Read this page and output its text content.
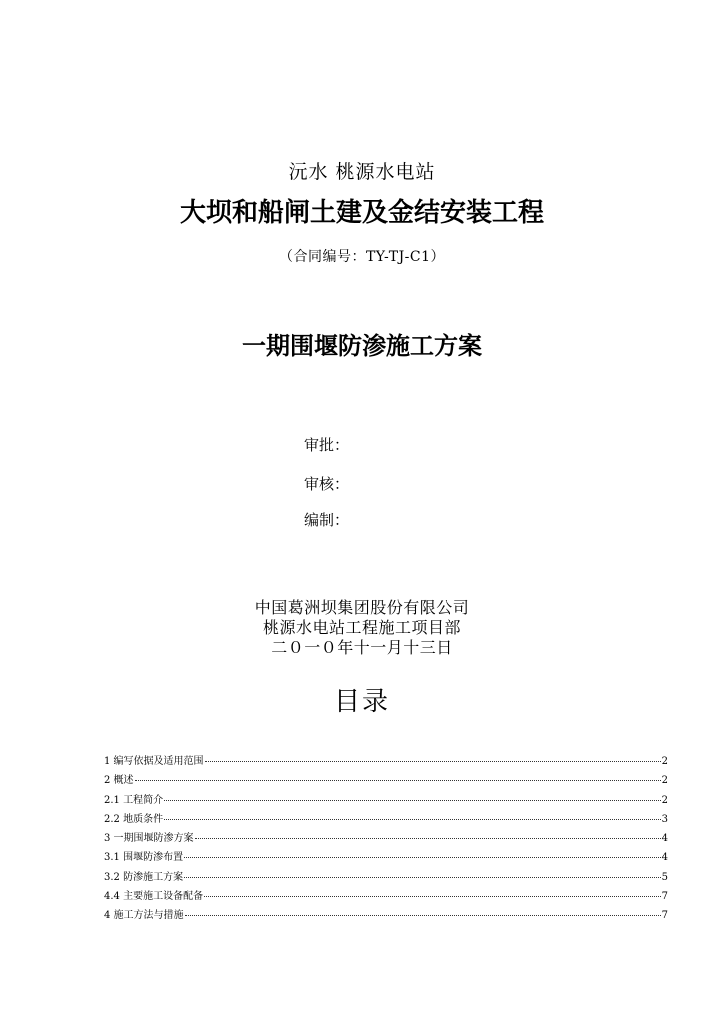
沅水 桃源水电站
大坝和船闸土建及金结安装工程
（合同编号：TY-TJ-C1）
一期围堰防渗施工方案
审批：
审核：
编制：
中国葛洲坝集团股份有限公司
桃源水电站工程施工项目部
二０一０年十一月十三日
目录
1 编写依据及适用范围	2
2 概述	2
2.1 工程简介	2
2.2 地质条件	3
3 一期围堰防渗方案	4
3.1 围堰防渗布置	4
3.2 防渗施工方案	5
4.4 主要施工设备配备	7
4 施工方法与措施	7
